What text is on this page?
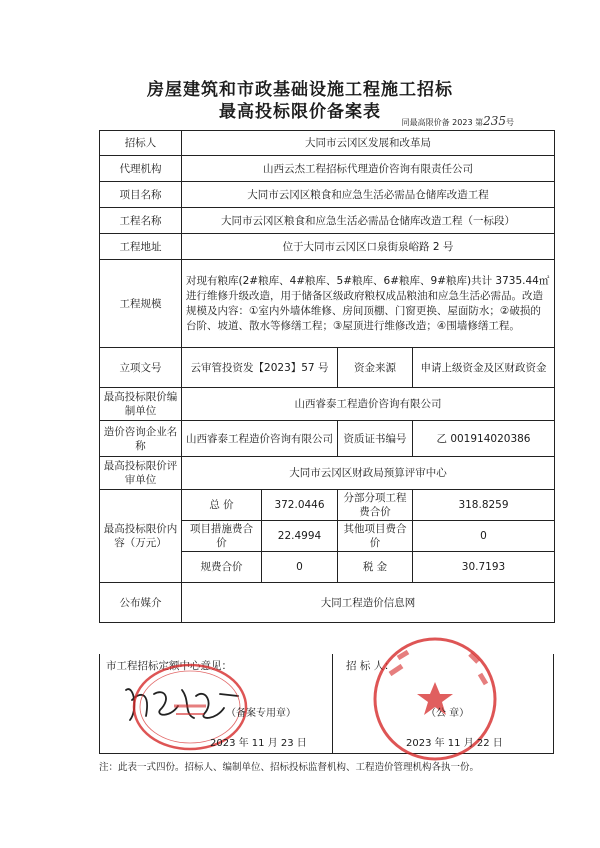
房屋建筑和市政基础设施工程施工招标
最高投标限价备案表
同最高限价备 2023 第235号
招标人	大同市云冈区发展和改革局			
代理机构	山西云杰工程招标代理造价咨询有限责任公司			
项目名称	大同市云冈区粮食和应急生活必需品仓储库改造工程			
工程名称	大同市云冈区粮食和应急生活必需品仓储库改造工程（一标段）			
工程地址	位于大同市云冈区口泉街泉峪路 2 号			
工程规模	对现有粮库(2#粮库、4#粮库、5#粮库、6#粮库、9#粮库)共计 3735.44㎡进行维修升级改造，用于储备区级政府粮权成品粮油和应急生活必需品。改造规模及内容：①室内外墙体维修、房间顶棚、门窗更换、屋面防水；②破损的台阶、坡道、散水等修缮工程；③屋顶进行维修改造；④围墙修缮工程。			
立项文号	云审管投资发【2023】57 号		资金来源	申请上级资金及区财政资金
最高投标限价编制单位	山西睿泰工程造价咨询有限公司			
造价咨询企业名称	山西睿泰工程造价咨询有限公司		资质证书编号	乙 001914020386
最高投标限价评审单位	大同市云冈区财政局预算评审中心			
最高投标限价内容（万元）	总 价	372.0446	分部分项工程费合价	318.8259
	项目措施费合价	22.4994	其他项目费合价	0
	规费合价	0	税 金	30.7193
公布媒介	大同工程造价信息网			
市工程招标定额中心意见：	招 标 人：
（备案专用章）	（公 章）
2023 年 11 月 23 日	2023 年 11 月 22 日
注：此表一式四份。招标人、编制单位、招标投标监督机构、工程造价管理机构各执一份。
